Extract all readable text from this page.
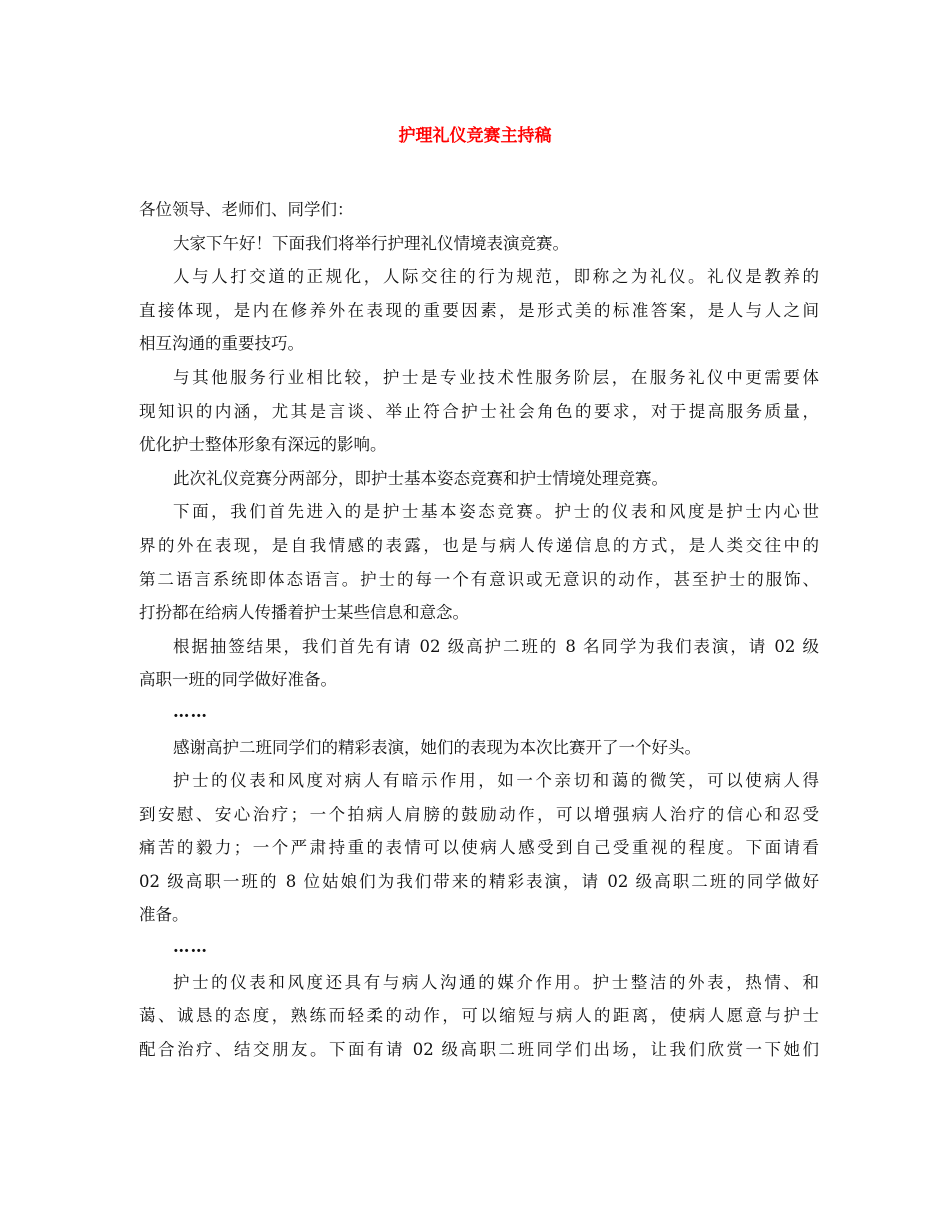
护理礼仪竞赛主持稿
各位领导、老师们、同学们：
大家下午好！下面我们将举行护理礼仪情境表演竞赛。
人与人打交道的正规化，人际交往的行为规范，即称之为礼仪。礼仪是教养的
直接体现，是内在修养外在表现的重要因素，是形式美的标准答案，是人与人之间
相互沟通的重要技巧。
与其他服务行业相比较，护士是专业技术性服务阶层，在服务礼仪中更需要体
现知识的内涵，尤其是言谈、举止符合护士社会角色的要求，对于提高服务质量，
优化护士整体形象有深远的影响。
此次礼仪竞赛分两部分，即护士基本姿态竞赛和护士情境处理竞赛。
下面，我们首先进入的是护士基本姿态竞赛。护士的仪表和风度是护士内心世
界的外在表现，是自我情感的表露，也是与病人传递信息的方式，是人类交往中的
第二语言系统即体态语言。护士的每一个有意识或无意识的动作，甚至护士的服饰、
打扮都在给病人传播着护士某些信息和意念。
根据抽签结果，我们首先有请 02 级高护二班的 8 名同学为我们表演，请 02 级
高职一班的同学做好准备。
……
感谢高护二班同学们的精彩表演，她们的表现为本次比赛开了一个好头。
护士的仪表和风度对病人有暗示作用，如一个亲切和蔼的微笑，可以使病人得
到安慰、安心治疗；一个拍病人肩膀的鼓励动作，可以增强病人治疗的信心和忍受
痛苦的毅力；一个严肃持重的表情可以使病人感受到自己受重视的程度。下面请看
02 级高职一班的 8 位姑娘们为我们带来的精彩表演，请 02 级高职二班的同学做好
准备。
……
护士的仪表和风度还具有与病人沟通的媒介作用。护士整洁的外表，热情、和
蔼、诚恳的态度，熟练而轻柔的动作，可以缩短与病人的距离，使病人愿意与护士
配合治疗、结交朋友。下面有请 02 级高职二班同学们出场，让我们欣赏一下她们
